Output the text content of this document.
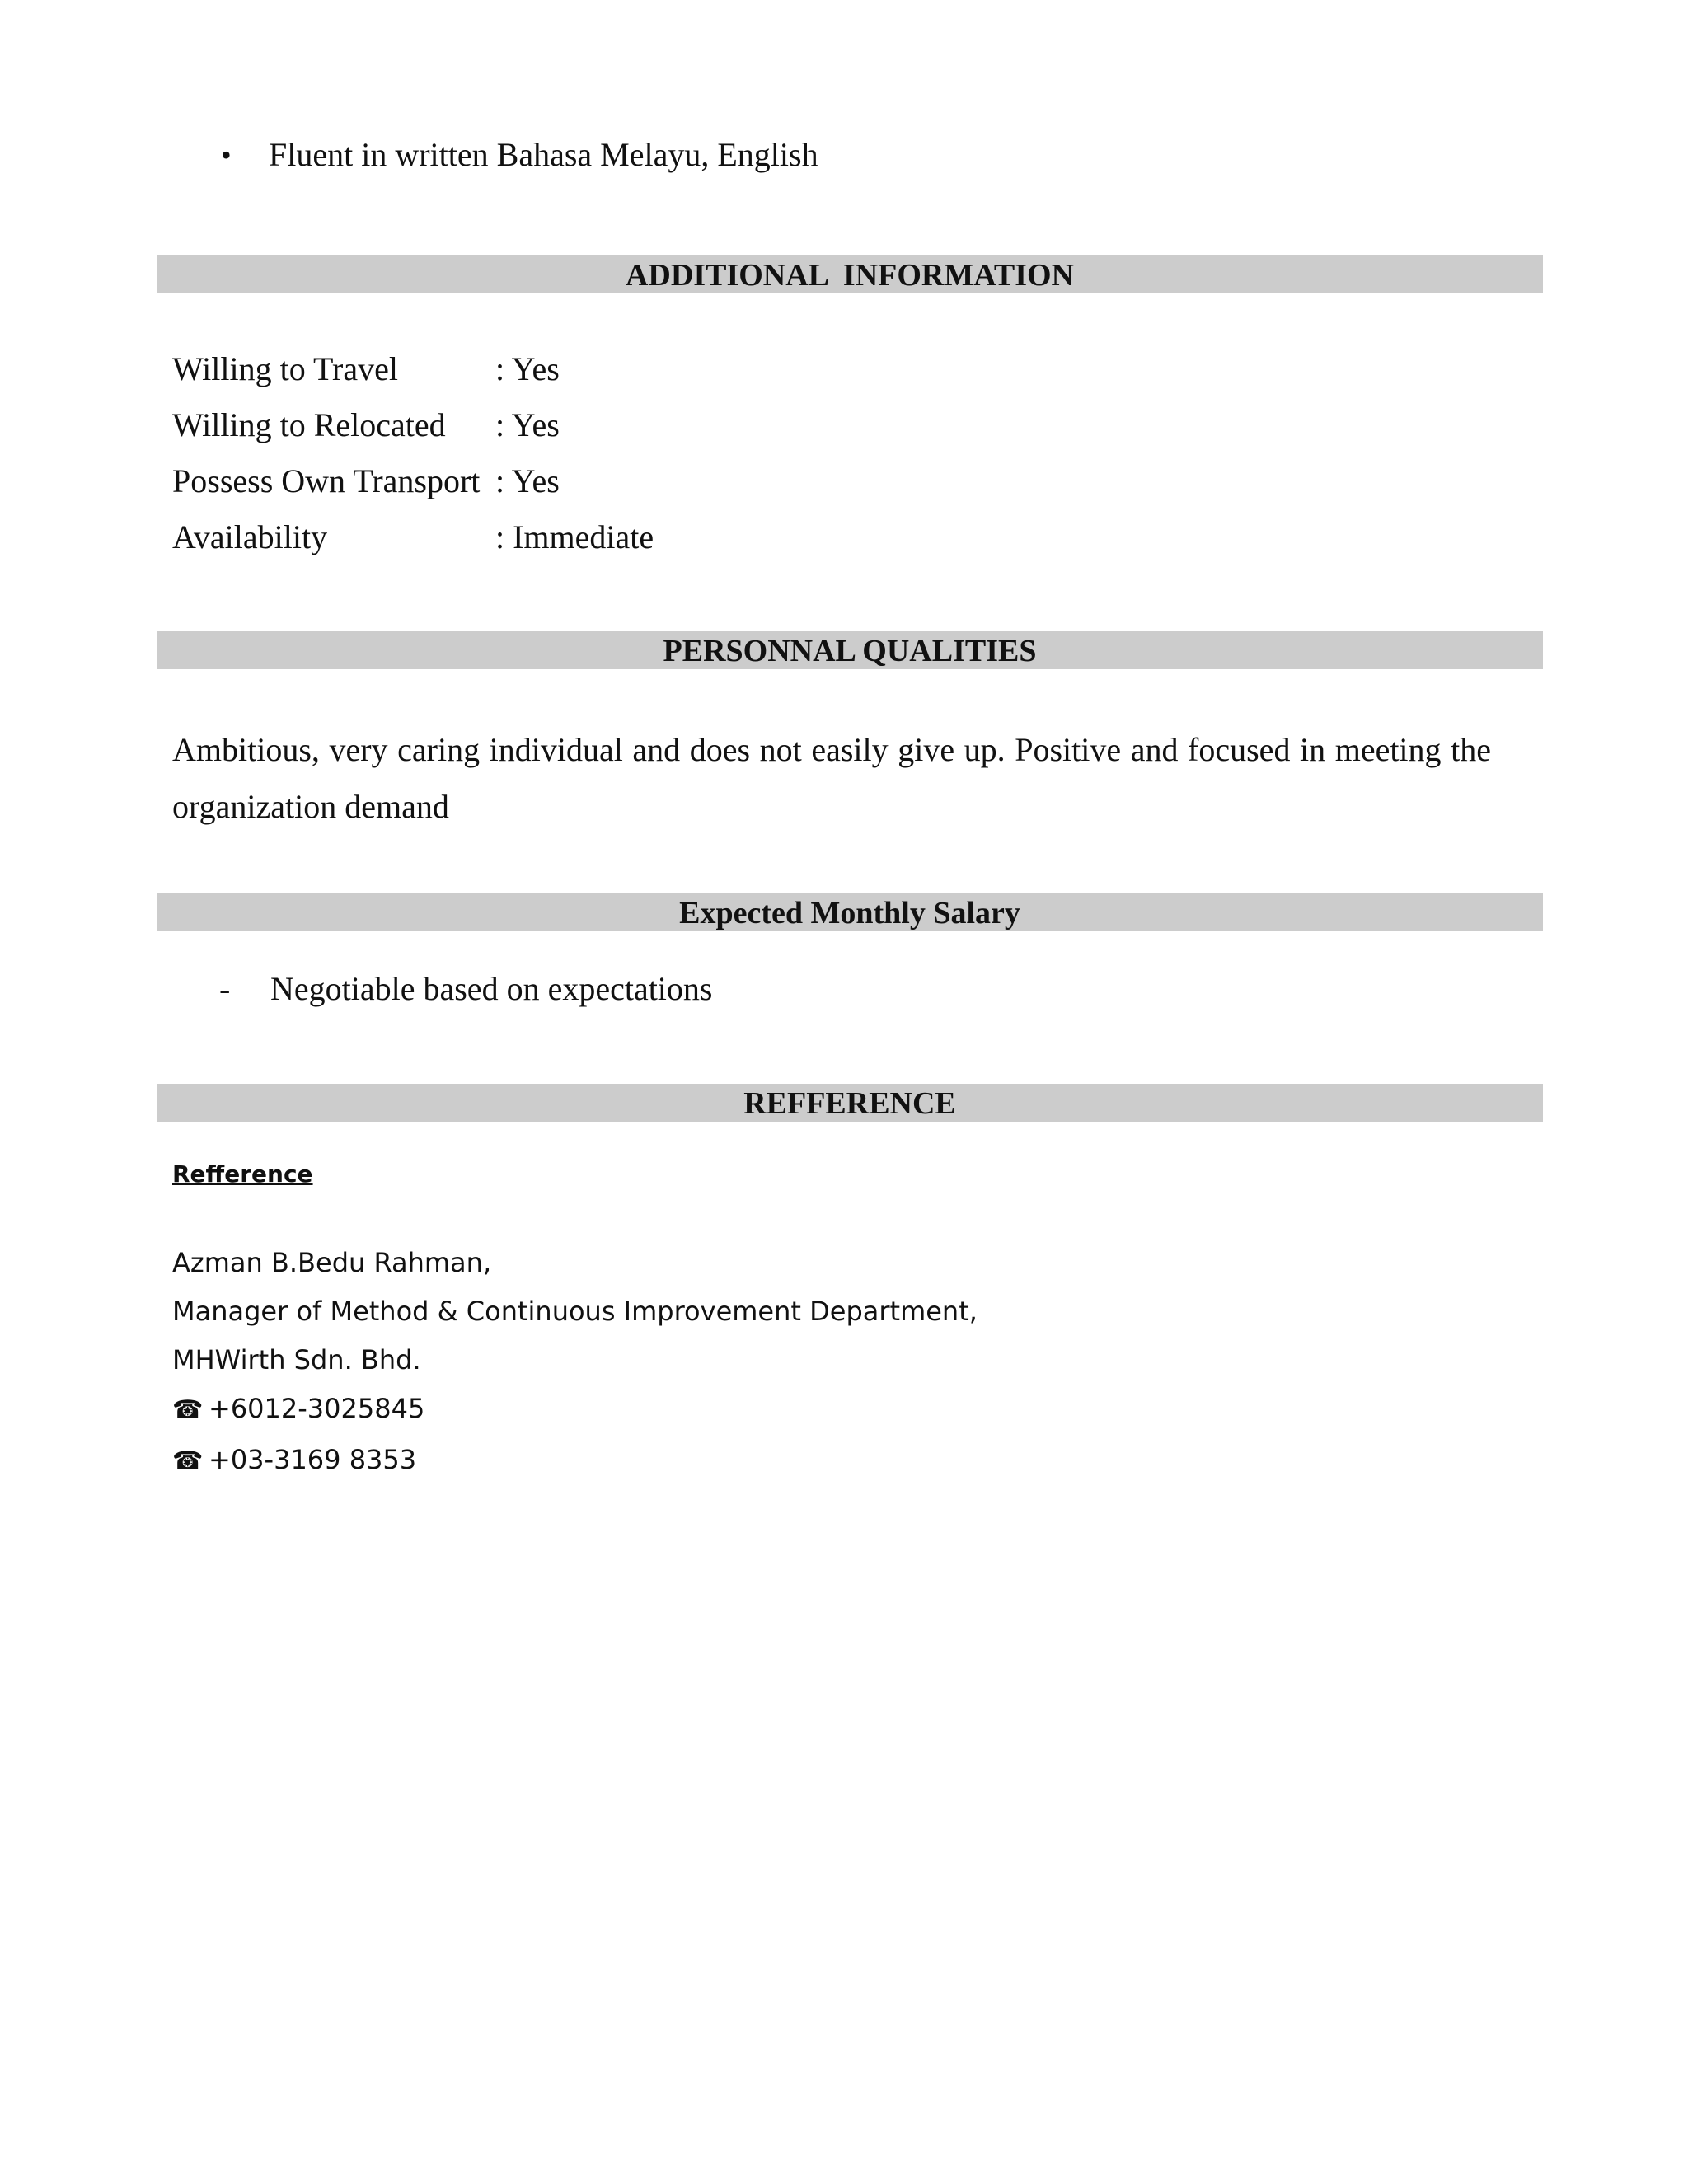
•	Fluent in written Bahasa Melayu, English
ADDITIONAL  INFORMATION
Willing to Travel	: Yes
Willing to Relocated : Yes
Possess Own Transport : Yes
Availability	: Immediate
PERSONNAL QUALITIES
Ambitious, very caring individual and does not easily give up. Positive and focused in meeting the organization demand
Expected Monthly Salary
- Negotiable based on expectations
REFFERENCE
Refference
Azman B.Bedu Rahman,
Manager of Method & Continuous Improvement Department,
MHWirth Sdn. Bhd.
☎ +6012-3025845
☎ +03-3169 8353
